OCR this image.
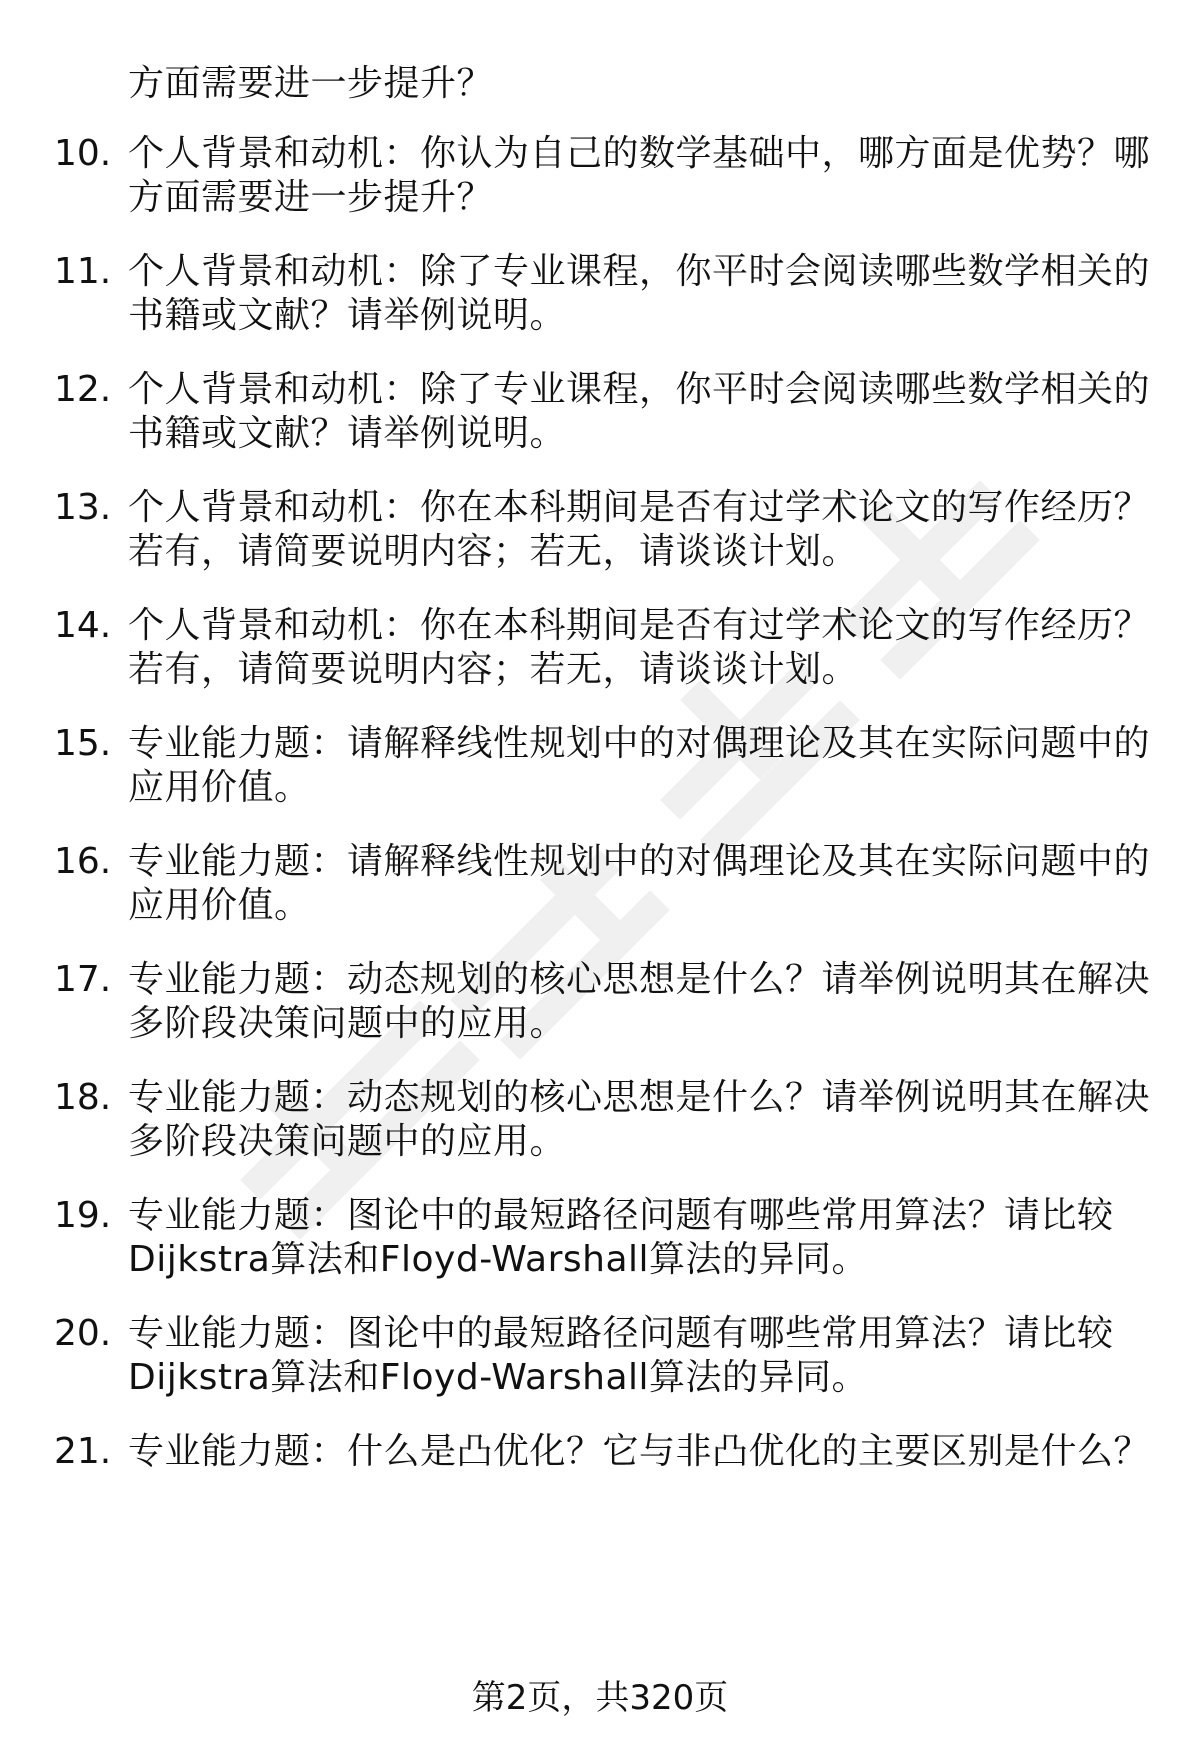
方面需要进一步提升？
10. 个人背景和动机：你认为自己的数学基础中，哪方面是优势？哪
方面需要进一步提升？
11. 个人背景和动机：除了专业课程，你平时会阅读哪些数学相关的
书籍或文献？请举例说明。
12. 个人背景和动机：除了专业课程，你平时会阅读哪些数学相关的
书籍或文献？请举例说明。
13. 个人背景和动机：你在本科期间是否有过学术论文的写作经历？
若有，请简要说明内容；若无，请谈谈计划。
14. 个人背景和动机：你在本科期间是否有过学术论文的写作经历？
若有，请简要说明内容；若无，请谈谈计划。
15. 专业能力题：请解释线性规划中的对偶理论及其在实际问题中的
应用价值。
16. 专业能力题：请解释线性规划中的对偶理论及其在实际问题中的
应用价值。
17. 专业能力题：动态规划的核心思想是什么？请举例说明其在解决
多阶段决策问题中的应用。
18. 专业能力题：动态规划的核心思想是什么？请举例说明其在解决
多阶段决策问题中的应用。
19. 专业能力题：图论中的最短路径问题有哪些常用算法？请比较
Dijkstra算法和Floyd-Warshall算法的异同。
20. 专业能力题：图论中的最短路径问题有哪些常用算法？请比较
Dijkstra算法和Floyd-Warshall算法的异同。
21. 专业能力题：什么是凸优化？它与非凸优化的主要区别是什么？
第2页，共320页
